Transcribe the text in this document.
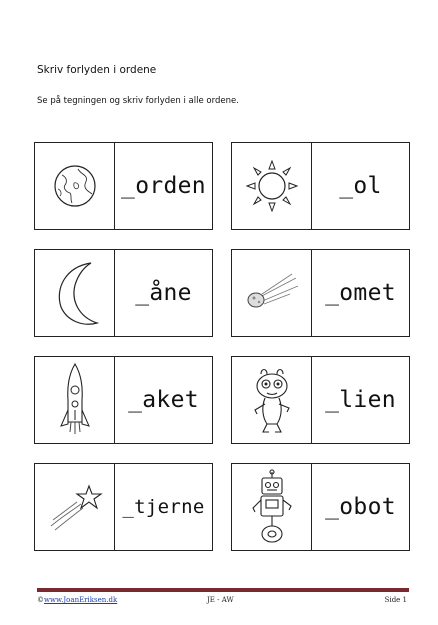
Skriv forlyden i ordene
Se på tegningen og skriv forlyden i alle ordene.
_orden	_ol
_åne	_omet
_aket	_lien
_tjerne	_obot
©www.JoanEriksen.dk	JE - AW	Side 1
